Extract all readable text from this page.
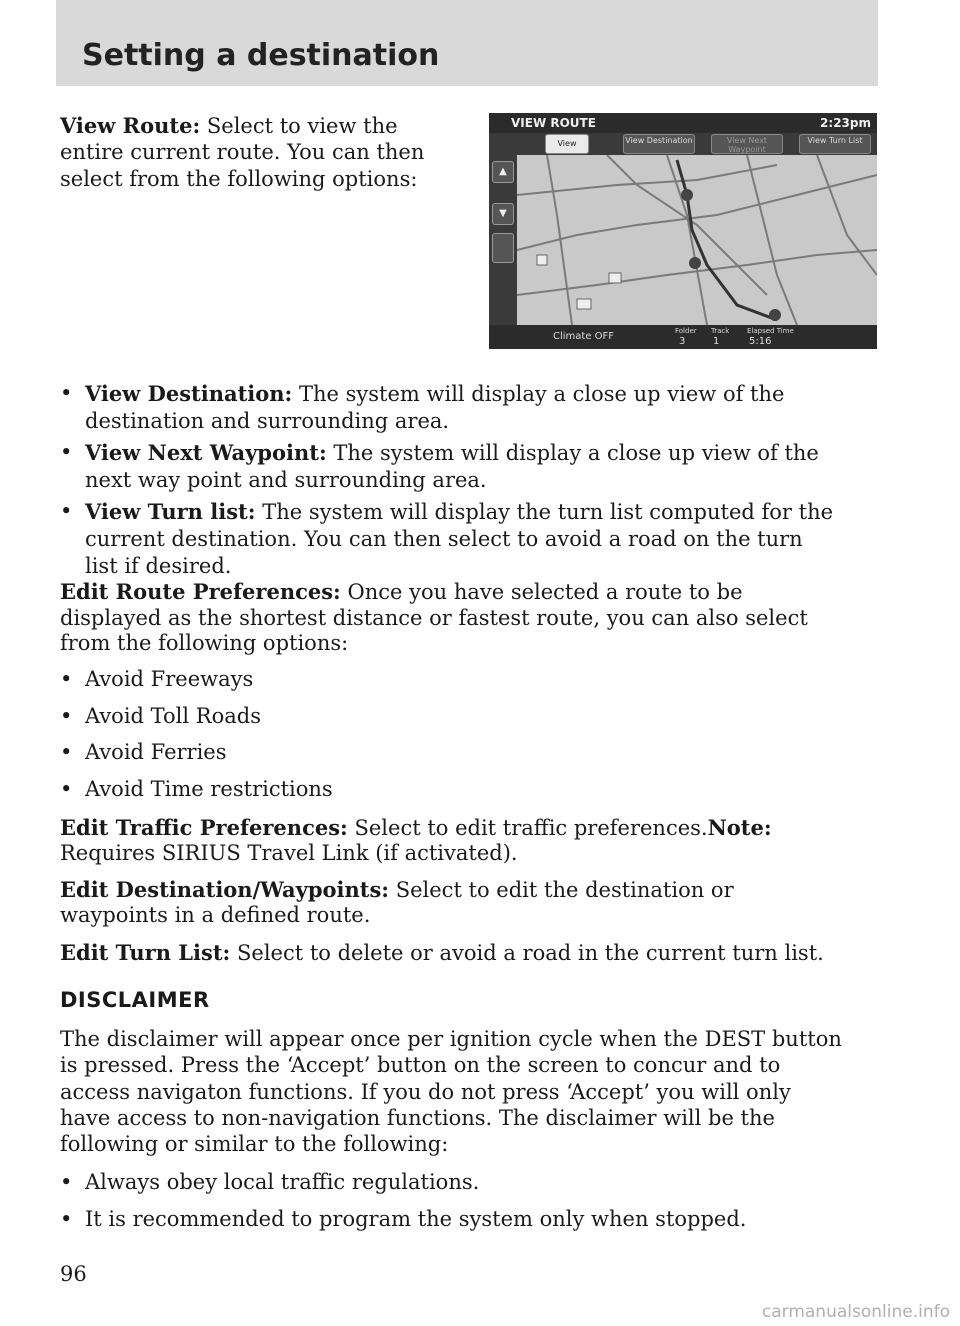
Setting a destination

View Route: Select to view the

entire current route. You can then

select from the following options:

VIEW ROUTE	2:23pm
View	View Destination	View Next Waypoint
View Turn List
▲
▼
Climate OFF	Folder
3
Track
1
Elapsed Time
5:16
• View Destination: The system will display a close up view of the
destination and surrounding area.
• View Next Waypoint: The system will display a close up view of the
next way point and surrounding area.
• View Turn list: The system will display the turn list computed for the
current destination. You can then select to avoid a road on the turn
list if desired.

Edit Route Preferences: Once you have selected a route to be

displayed as the shortest distance or fastest route, you can also select

from the following options:

• Avoid Freeways
• Avoid Toll Roads
• Avoid Ferries
• Avoid Time restrictions

Edit Traffic Preferences: Select to edit traffic preferences.Note:

Requires SIRIUS Travel Link (if activated).

Edit Destination/Waypoints: Select to edit the destination or

waypoints in a defined route.

Edit Turn List: Select to delete or avoid a road in the current turn list.

DISCLAIMER

The disclaimer will appear once per ignition cycle when the DEST button

is pressed. Press the ‘Accept’ button on the screen to concur and to

access navigaton functions. If you do not press ‘Accept’ you will only

have access to non-navigation functions. The disclaimer will be the

following or similar to the following:

• Always obey local traffic regulations.
• It is recommended to program the system only when stopped.
96
carmanualsonline.info
